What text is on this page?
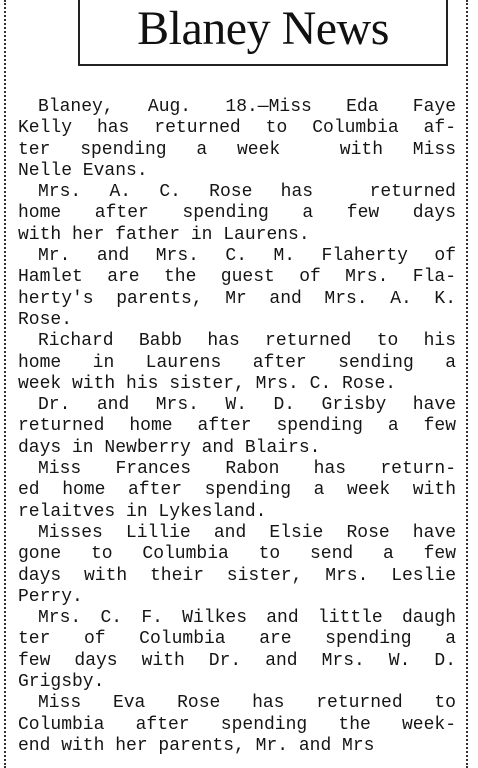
Blaney News
Blaney, Aug. 18.—Miss Eda Faye
Kelly has returned to Columbia af-
ter spending a week  with Miss
Nelle Evans.
Mrs. A. C. Rose has  returned
home after spending a few days
with her father in Laurens.
Mr. and Mrs. C. M. Flaherty of
Hamlet are the guest of Mrs. Fla-
herty's parents, Mr and Mrs. A. K.
Rose.
Richard Babb has returned to his
home in Laurens after sending a
week with his sister, Mrs. C. Rose.
Dr. and Mrs. W. D. Grisby have
returned home after spending a few
days in Newberry and Blairs.
Miss Frances Rabon has return-
ed home after spending a week with
relaitves in Lykesland.
Misses Lillie and Elsie Rose have
gone to Columbia to send a few
days with their sister, Mrs. Leslie
Perry.
Mrs. C. F. Wilkes and little daugh
ter of Columbia are spending a
few days with Dr. and Mrs. W. D.
Grigsby.
Miss Eva Rose has returned to
Columbia after spending the week-
end with her parents, Mr. and Mrs
